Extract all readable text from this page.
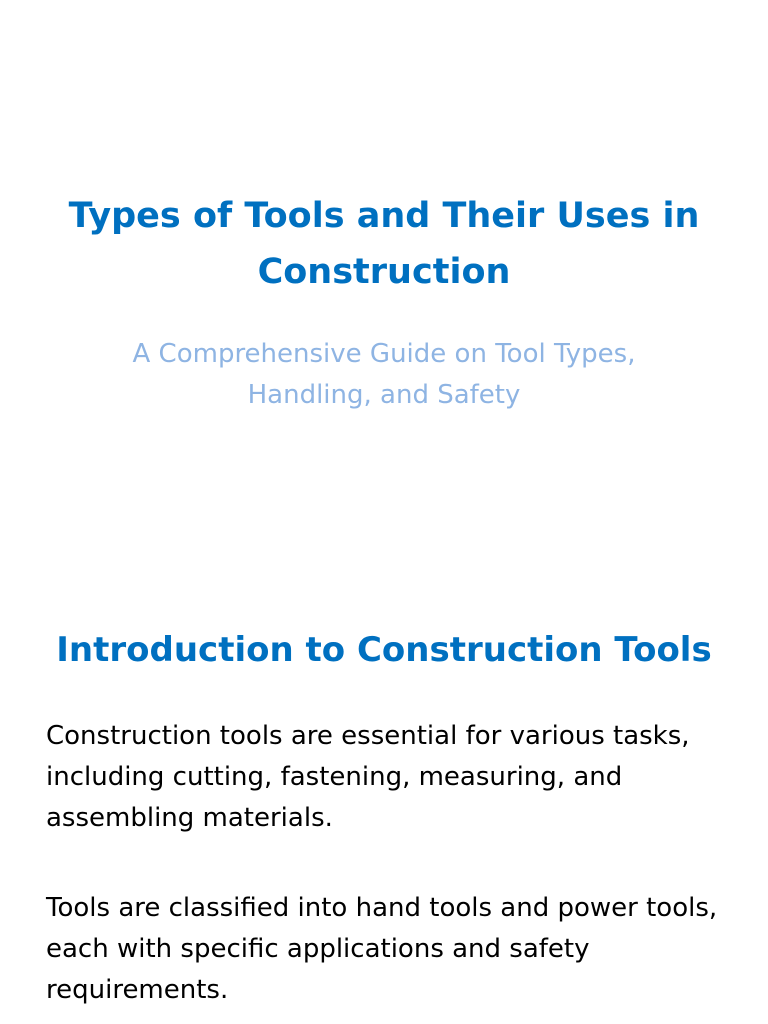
Types of Tools and Their Uses in Construction

A Comprehensive Guide on Tool Types, Handling, and Safety

Introduction to Construction Tools

Construction tools are essential for various tasks, including cutting, fastening, measuring, and assembling materials.

Tools are classified into hand tools and power tools, each with specific applications and safety requirements.
